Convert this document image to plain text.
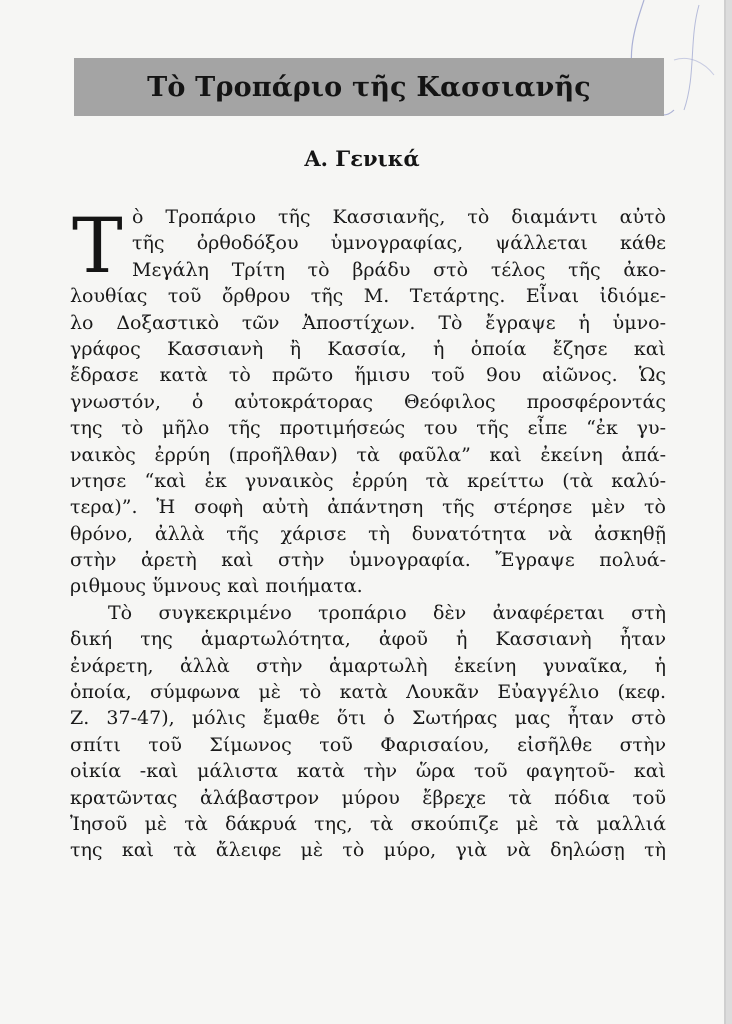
Τὸ Τροπάριο τῆς Κασσιανῆς
Α. Γενικά
Τ ὸ Τροπάριο τῆς Κασσιανῆς, τὸ διαμάντι αὐτὸ
τῆς ὀρθοδόξου ὑμνογραφίας, ψάλλεται κάθε
Μεγάλη Τρίτη τὸ βράδυ στὸ τέλος τῆς ἀκο-
λουθίας τοῦ ὄρθρου τῆς Μ. Τετάρτης. Εἶναι ἰδιόμε-
λο Δοξαστικὸ τῶν Ἀποστίχων. Τὸ ἔγραψε ἡ ὑμνο-
γράφος Κασσιανὴ ἢ Κασσία, ἡ ὁποία ἔζησε καὶ
ἔδρασε κατὰ τὸ πρῶτο ἥμισυ τοῦ 9ου αἰῶνος. Ὡς
γνωστόν, ὁ αὐτοκράτορας Θεόφιλος προσφέροντάς
της τὸ μῆλο τῆς προτιμήσεώς του τῆς εἶπε “ἐκ γυ-
ναικὸς ἐρρύη (προῆλθαν) τὰ φαῦλα” καὶ ἐκείνη ἀπά-
ντησε “καὶ ἐκ γυναικὸς ἐρρύη τὰ κρείττω (τὰ καλύ-
τερα)”. Ἡ σοφὴ αὐτὴ ἀπάντηση τῆς στέρησε μὲν τὸ
θρόνο, ἀλλὰ τῆς χάρισε τὴ δυνατότητα νὰ ἀσκηθῇ
στὴν ἀρετὴ καὶ στὴν ὑμνογραφία. Ἔγραψε πολυά-
ριθμους ὕμνους καὶ ποιήματα.
Τὸ συγκεκριμένο τροπάριο δὲν ἀναφέρεται στὴ
δική της ἁμαρτωλότητα, ἀφοῦ ἡ Κασσιανὴ ἦταν
ἐνάρετη, ἀλλὰ στὴν ἁμαρτωλὴ ἐκείνη γυναῖκα, ἡ
ὁποία, σύμφωνα μὲ τὸ κατὰ Λουκᾶν Εὐαγγέλιο (κεφ.
Ζ. 37-47), μόλις ἔμαθε ὅτι ὁ Σωτήρας μας ἦταν στὸ
σπίτι τοῦ Σίμωνος τοῦ Φαρισαίου, εἰσῆλθε στὴν
οἰκία -καὶ μάλιστα κατὰ τὴν ὥρα τοῦ φαγητοῦ- καὶ
κρατῶντας ἀλάβαστρον μύρου ἔβρεχε τὰ πόδια τοῦ
Ἰησοῦ μὲ τὰ δάκρυά της, τὰ σκούπιζε μὲ τὰ μαλλιά
της καὶ τὰ ἄλειφε μὲ τὸ μύρο, γιὰ νὰ δηλώσῃ τὴ
